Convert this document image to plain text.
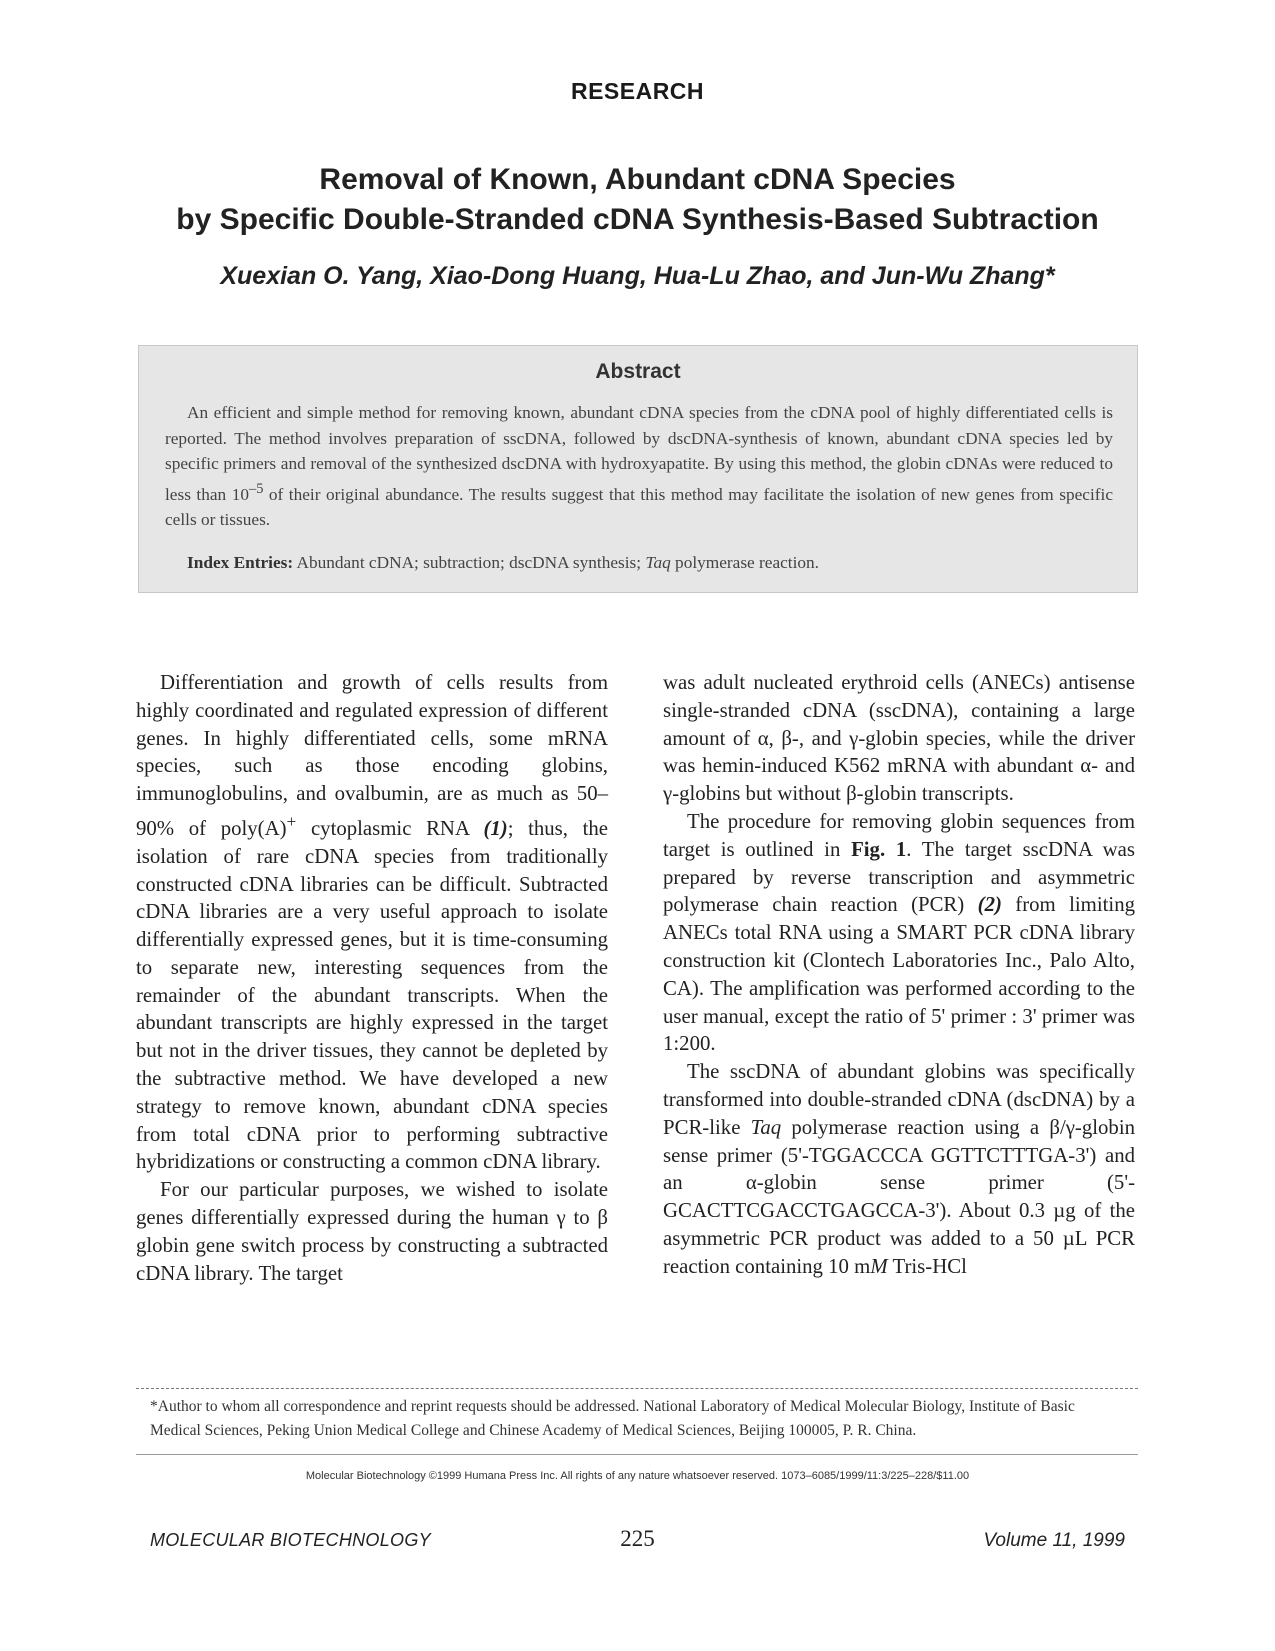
RESEARCH
Removal of Known, Abundant cDNA Species
by Specific Double-Stranded cDNA Synthesis-Based Subtraction
Xuexian O. Yang, Xiao-Dong Huang, Hua-Lu Zhao, and Jun-Wu Zhang*
Abstract
An efficient and simple method for removing known, abundant cDNA species from the cDNA pool of highly differentiated cells is reported. The method involves preparation of sscDNA, followed by dscDNA-synthesis of known, abundant cDNA species led by specific primers and removal of the synthesized dscDNA with hydroxyapatite. By using this method, the globin cDNAs were reduced to less than $10^{-5}$ of their original abundance. The results suggest that this method may facilitate the isolation of new genes from specific cells or tissues.
Index Entries: Abundant cDNA; subtraction; dscDNA synthesis; Taq polymerase reaction.

Differentiation and growth of cells results from highly coordinated and regulated expression of different genes. In highly differentiated cells, some mRNA species, such as those encoding globins, immunoglobulins, and ovalbumin, are as much as 50–90% of poly(A)+ cytoplasmic RNA (1); thus, the isolation of rare cDNA species from traditionally constructed cDNA libraries can be difficult. Subtracted cDNA libraries are a very useful approach to isolate differentially expressed genes, but it is time-consuming to separate new, interesting sequences from the remainder of the abundant transcripts. When the abundant transcripts are highly expressed in the target but not in the driver tissues, they cannot be depleted by the subtractive method. We have developed a new strategy to remove known, abundant cDNA species from total cDNA prior to performing subtractive hybridizations or constructing a common cDNA library.

For our particular purposes, we wished to isolate genes differentially expressed during the human γ to β globin gene switch process by constructing a subtracted cDNA library. The target

was adult nucleated erythroid cells (ANECs) antisense single-stranded cDNA (sscDNA), containing a large amount of α, β-, and γ-globin species, while the driver was hemin-induced K562 mRNA with abundant α- and γ-globins but without β-globin transcripts.

The procedure for removing globin sequences from target is outlined in Fig. 1. The target sscDNA was prepared by reverse transcription and asymmetric polymerase chain reaction (PCR) (2) from limiting ANECs total RNA using a SMART PCR cDNA library construction kit (Clontech Laboratories Inc., Palo Alto, CA). The amplification was performed according to the user manual, except the ratio of 5' primer : 3' primer was 1:200.

The sscDNA of abundant globins was specifically transformed into double-stranded cDNA (dscDNA) by a PCR-like Taq polymerase reaction using a β/γ-globin sense primer (5'-TGGACCCA GGTTCTTTGA-3') and an α-globin sense primer (5'-GCACTTCGACCTGAGCCA-3'). About 0.3 µg of the asymmetric PCR product was added to a 50 µL PCR reaction containing 10 mM Tris-HCl

*Author to whom all correspondence and reprint requests should be addressed. National Laboratory of Medical Molecular Biology, Institute of Basic Medical Sciences, Peking Union Medical College and Chinese Academy of Medical Sciences, Beijing 100005, P. R. China.
Molecular Biotechnology ©1999 Humana Press Inc. All rights of any nature whatsoever reserved. 1073–6085/1999/11:3/225–228/$11.00
MOLECULAR BIOTECHNOLOGY	225	Volume 11, 1999
